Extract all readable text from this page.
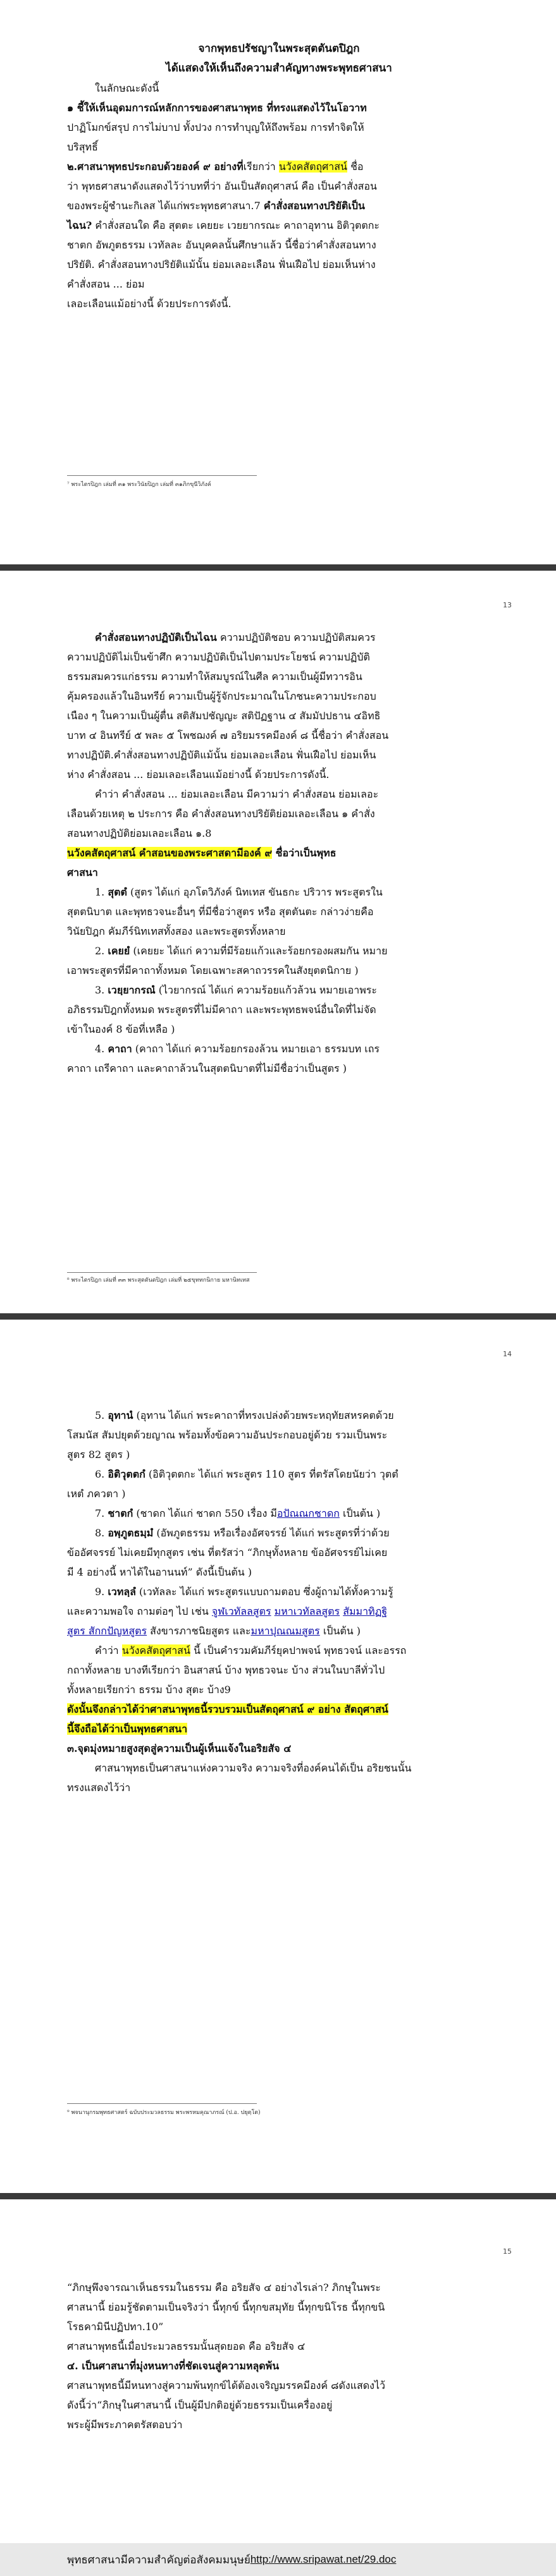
จากพุทธปรัชญาในพระสุตตันตปิฎก

ได้แสดงให้เห็นถึงความสำคัญทางพระพุทธศาสนา

ในลักษณะดังนี้

๑ ชี้ให้เห็นอุดมการณ์หลักการของศาสนาพุทธ ที่ทรงแสดงไว้ในโอวาท

ปาฏิโมกข์สรุป การไม่บาป ทั้งปวง การทำบุญให้ถึงพร้อม การทำจิตให้

บริสุทธิ์

๒.ศาสนาพุทธประกอบด้วยองค์ ๙ อย่างที่เรียกว่า นวังคสัตถุศาสน์ ชื่อ

ว่า พุทธศาสนาดังแสดงไว้ว่าบทที่ว่า อันเป็นสัตถุศาสน์ คือ เป็นคำสั่งสอน

ของพระผู้ชำนะกิเลส ได้แก่พระพุทธศาสนา.7 คำสั่งสอนทางปริยัติเป็น

ไฉน? คำสั่งสอนใด คือ สุตตะ เคยยะ เวยยากรณะ คาถาอุทาน อิติวุตตกะ

ชาตก อัพภูตธรรม เวทัลละ อันบุคคลนั้นศึกษาแล้ว นี้ชื่อว่าคำสั่งสอนทาง

ปริยัติ. คำสั่งสอนทางปริยัติแม้นั้น ย่อมเลอะเลือน ฟั่นเฝือไป ย่อมเห็นห่าง

คำสั่งสอน ... ย่อม

เลอะเลือนแม้อย่างนี้ ด้วยประการดังนี้.

⁷ พระไตรปิฎก เล่มที่ ๓๑ พระวินัยปิฎก เล่มที่ ๓๑ภิกขุนีวิภังค์
13

คำสั่งสอนทางปฏิบัติเป็นไฉน ความปฏิบัติชอบ ความปฏิบัติสมควร

ความปฏิบัติไม่เป็นข้าศึก ความปฏิบัติเป็นไปตามประโยชน์ ความปฏิบัติ

ธรรมสมควรแก่ธรรม ความทำให้สมบูรณ์ในศีล ความเป็นผู้มีทวารอิน

คุ้มครองแล้วในอินทรีย์ ความเป็นผู้รู้จักประมาณในโภชนะความประกอบ

เนือง ๆ ในความเป็นผู้ตื่น สติสัมปชัญญะ สติปัฏฐาน ๔ สัมมัปปธาน ๔อิทธิ

บาท ๔ อินทรีย์ ๕ พละ ๕ โพชฌงค์ ๗ อริยมรรคมีองค์ ๘ นี้ชื่อว่า คำสั่งสอน

ทางปฏิบัติ.คำสั่งสอนทางปฏิบัติแม้นั้น ย่อมเลอะเลือน ฟั่นเฝือไป ย่อมเห็น

ห่าง คำสั่งสอน ... ย่อมเลอะเลือนแม้อย่างนี้ ด้วยประการดังนี้.

คำว่า คำสั่งสอน ... ย่อมเลอะเลือน มีความว่า คำสั่งสอน ย่อมเลอะ

เลือนด้วยเหตุ ๒ ประการ คือ คำสั่งสอนทางปริยัติย่อมเลอะเลือน ๑ คำสั่ง

สอนทางปฏิบัติย่อมเลอะเลือน ๑.8

นวังคสัตถุศาสน์ คำสอนของพระศาสดามีองค์ ๙ ชื่อว่าเป็นพุทธ

ศาสนา

1. สุตตํ (สูตร ได้แก่ อุภโตวิภังค์ นิทเทส ขันธกะ ปริวาร พระสูตรใน

สุตตนิบาต และพุทธวจนะอื่นๆ ที่มีชื่อว่าสูตร หรือ สุตตันตะ กล่าวง่ายคือ

วินัยปิฎก คัมภีร์นิทเทสทั้งสอง และพระสูตรทั้งหลาย

2. เคยยํ (เคยยะ ได้แก่ ความที่มีร้อยแก้วและร้อยกรองผสมกัน หมาย

เอาพระสูตรที่มีคาถาทั้งหมด โดยเฉพาะสคาถวรรคในสังยุตตนิกาย )

3. เวยฺยากรณํ (ไวยากรณ์ ได้แก่ ความร้อยแก้วล้วน หมายเอาพระ

อภิธรรมปิฎกทั้งหมด พระสูตรที่ไม่มีคาถา และพระพุทธพจน์อื่นใดที่ไม่จัด

เข้าในองค์ 8 ข้อที่เหลือ )

4. คาถา (คาถา ได้แก่ ความร้อยกรองล้วน หมายเอา ธรรมบท เถร

คาถา เถรีคาถา และคาถาล้วนในสุตตนิบาตที่ไม่มีชื่อว่าเป็นสูตร )

⁸ พระไตรปิฎก เล่มที่ ๓๓ พระสุตตันตปิฎก เล่มที่ ๒๕ขุททกนิกาย มหานิทเทส
14

5. อุทานํ (อุทาน ได้แก่ พระคาถาที่ทรงเปล่งด้วยพระหฤทัยสหรคตด้วย

โสมนัส สัมปยุตด้วยญาณ พร้อมทั้งข้อความอันประกอบอยู่ด้วย รวมเป็นพระ

สูตร 82 สูตร )

6. อิติวุตตกํ (อิติวุตตกะ ได้แก่ พระสูตร 110 สูตร ที่ตรัสโดยนัยว่า วุตตํ

เหตํ ภควตา )

7. ชาตกํ (ชาดก ได้แก่ ชาดก 550 เรื่อง มีอปัณณกชาดก เป็นต้น )

8. อพฺภูตธมฺมํ (อัพภูตธรรม หรือเรื่องอัศจรรย์ ได้แก่ พระสูตรที่ว่าด้วย

ข้ออัศจรรย์ ไม่เคยมีทุกสูตร เช่น ที่ตรัสว่า “ภิกษุทั้งหลาย ข้ออัศจรรย์ไม่เคย

มี 4 อย่างนี้ หาได้ในอานนท์” ดังนี้เป็นต้น )

9. เวทลฺลํ (เวทัลละ ได้แก่ พระสูตรแบบถามตอบ ซึ่งผู้ถามได้ทั้งความรู้

และความพอใจ ถามต่อๆ ไป เช่น จูฬเวทัลลสูตร มหาเวทัลลสูตร สัมมาทิฏฐิ

สูตร สักกปัญหสูตร สังขารภาชนิยสูตร และมหาปุณณมสูตร เป็นต้น )

คำว่า นวังคสัตถุศาสน์ นี้ เป็นคำรวมคัมภีร์ยุคปาพจน์ พุทธวจน์ และอรรถ

กถาทั้งหลาย บางทีเรียกว่า อินสาสน์ บ้าง พุทธวจนะ บ้าง ส่วนในบาลีทั่วไป

ทั้งหลายเรียกว่า ธรรม บ้าง สุตะ บ้าง9

ดังนั้นจึงกล่าวได้ว่าศาสนาพุทธนี้รวบรวมเป็นสัตถุศาสน์ ๙ อย่าง สัตถุศาสน์

นี้จึงถือได้ว่าเป็นพุทธศาสนา

๓.จุดมุ่งหมายสูงสุดสู่ความเป็นผู้เห็นแจ้งในอริยสัจ ๔

ศาสนาพุทธเป็นศาสนาแห่งความจริง ความจริงที่องค์คนได้เป็น อริยชนนั้น

ทรงแสดงไว้ว่า

⁹ พจนานุกรมพุทธศาสตร์ ฉบับประมวลธรรม พระพรหมคุณาภรณ์ (ป.อ. ปยุตฺโต)
15

“ภิกษุพึงจารณาเห็นธรรมในธรรม คือ อริยสัจ ๔ อย่างไรเล่า? ภิกษุในพระ

ศาสนานี้ ย่อมรู้ชัดตามเป็นจริงว่า นี้ทุกข์ นี้ทุกขสมุทัย นี้ทุกขนิโรธ นี้ทุกขนิ

โรธคามินีปฏิปทา.10”

ศาสนาพุทธนี้เมื่อประมวลธรรมนั้นสุดยอด คือ อริยสัจ ๔

๔. เป็นศาสนาที่มุ่งหนทางที่ชัดเจนสู่ความหลุดพ้น

ศาสนาพุทธนี้มีหนทางสู่ความพ้นทุกข์ได้ต้องเจริญมรรคมีองค์ ๘ดังแสดงไว้

ดังนี้ว่า“ภิกษุในศาสนานี้ เป็นผู้มีปกติอยู่ด้วยธรรมเป็นเครื่องอยู่

พระผู้มีพระภาคตรัสตอบว่า

พุทธศาสนามีความสำคัญต่อสังคมมนุษย์ http://www.sripawat.net/29.doc
